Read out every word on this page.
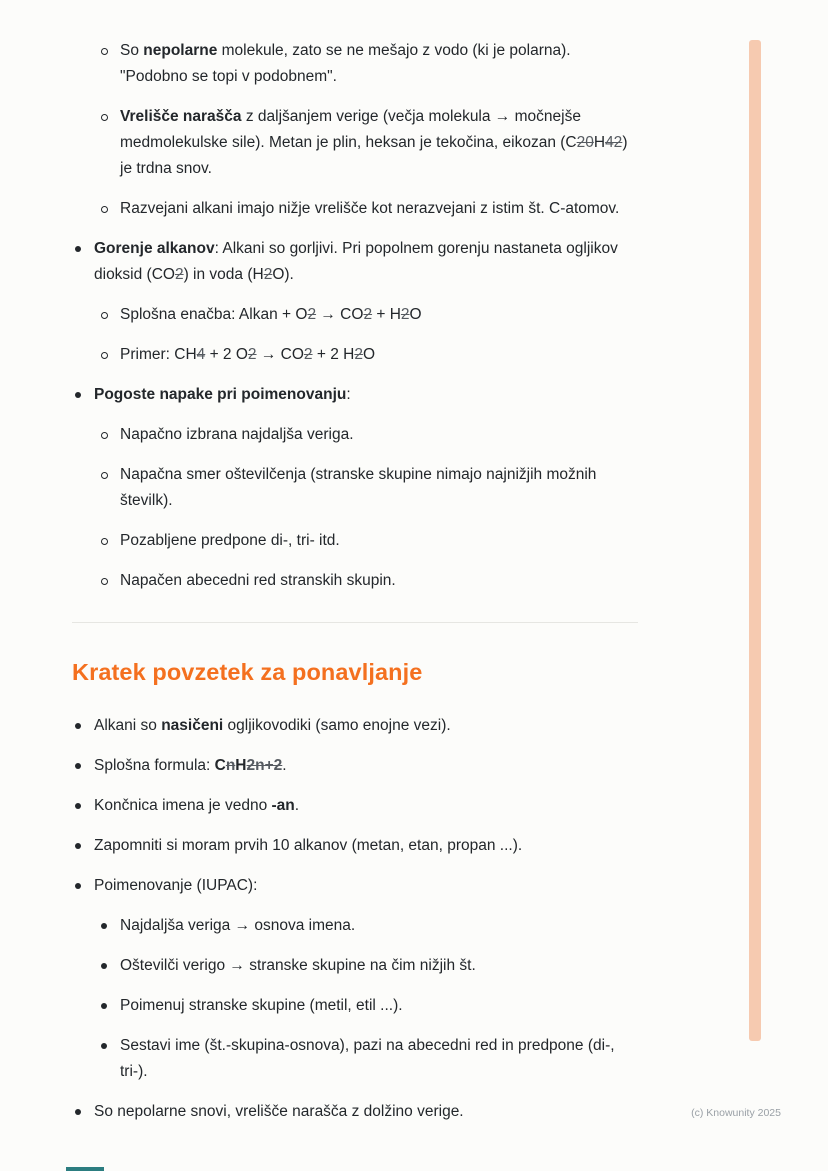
So nepolarne molekule, zato se ne mešajo z vodo (ki je polarna). "Podobno se topi v podobnem".
Vrelišče narašča z daljšanjem verige (večja molekula → močnejše medmolekulske sile). Metan je plin, heksan je tekočina, eikozan (C20H42) je trdna snov.
Razvejani alkani imajo nižje vrelišče kot nerazvejani z istim št. C-atomov.
Gorenje alkanov: Alkani so gorljivi. Pri popolnem gorenju nastaneta ogljikov dioksid (CO2) in voda (H2O).
Splošna enačba: Alkan + O2 → CO2 + H2O
Primer: CH4 + 2 O2 → CO2 + 2 H2O
Pogoste napake pri poimenovanju:
Napačno izbrana najdaljša veriga.
Napačna smer oštevilčenja (stranske skupine nimajo najnižjih možnih številk).
Pozabljene predpone di-, tri- itd.
Napačen abecedni red stranskih skupin.
Kratek povzetek za ponavljanje
Alkani so nasičeni ogljikovodiki (samo enojne vezi).
Splošna formula: CnH2n+2.
Končnica imena je vedno -an.
Zapomniti si moram prvih 10 alkanov (metan, etan, propan ...).
Poimenovanje (IUPAC):
Najdaljša veriga → osnova imena.
Oštevilči verigo → stranske skupine na čim nižjih št.
Poimenuj stranske skupine (metil, etil ...).
Sestavi ime (št.-skupina-osnova), pazi na abecedni red in predpone (di-, tri-).
So nepolarne snovi, vrelišče narašča z dolžino verige.	(c) Knowunity 2025
